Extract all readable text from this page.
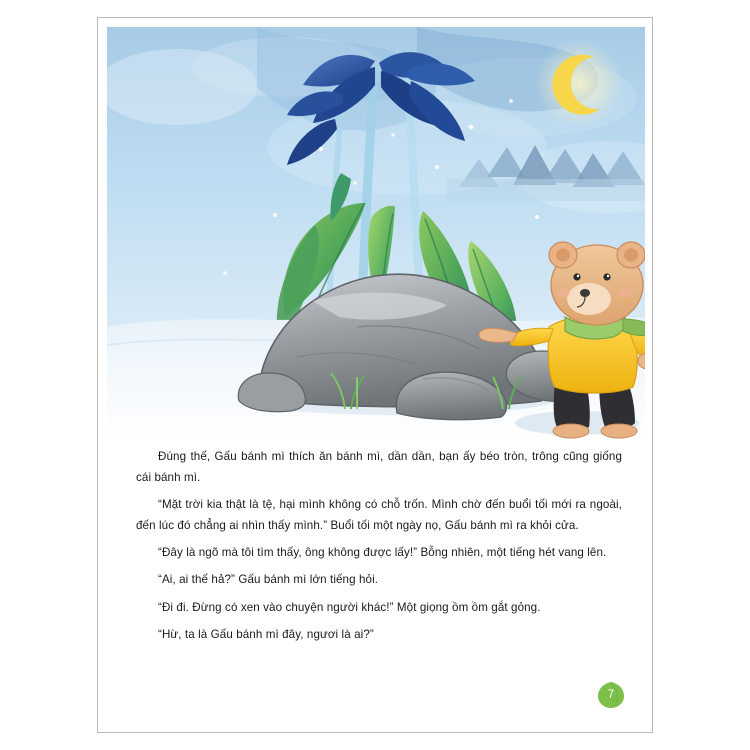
Đúng thế, Gấu bánh mì thích ăn bánh mì, dần dần, bạn ấy béo tròn, trông cũng giống cái bánh mì.

“Mặt trời kia thật là tệ, hại mình không có chỗ trốn. Mình chờ đến buổi tối mới ra ngoài, đến lúc đó chẳng ai nhìn thấy mình.” Buổi tối một ngày nọ, Gấu bánh mì ra khỏi cửa.

“Đây là ngõ mà tôi tìm thấy, ông không được lấy!” Bỗng nhiên, một tiếng hét vang lên.

“Ai, ai thế hả?” Gấu bánh mì lớn tiếng hỏi.

“Đi đi. Đừng có xen vào chuyện người khác!” Một giọng ồm ồm gắt gỏng.

“Hừ, ta là Gấu bánh mì đây, ngươi là ai?”

7
